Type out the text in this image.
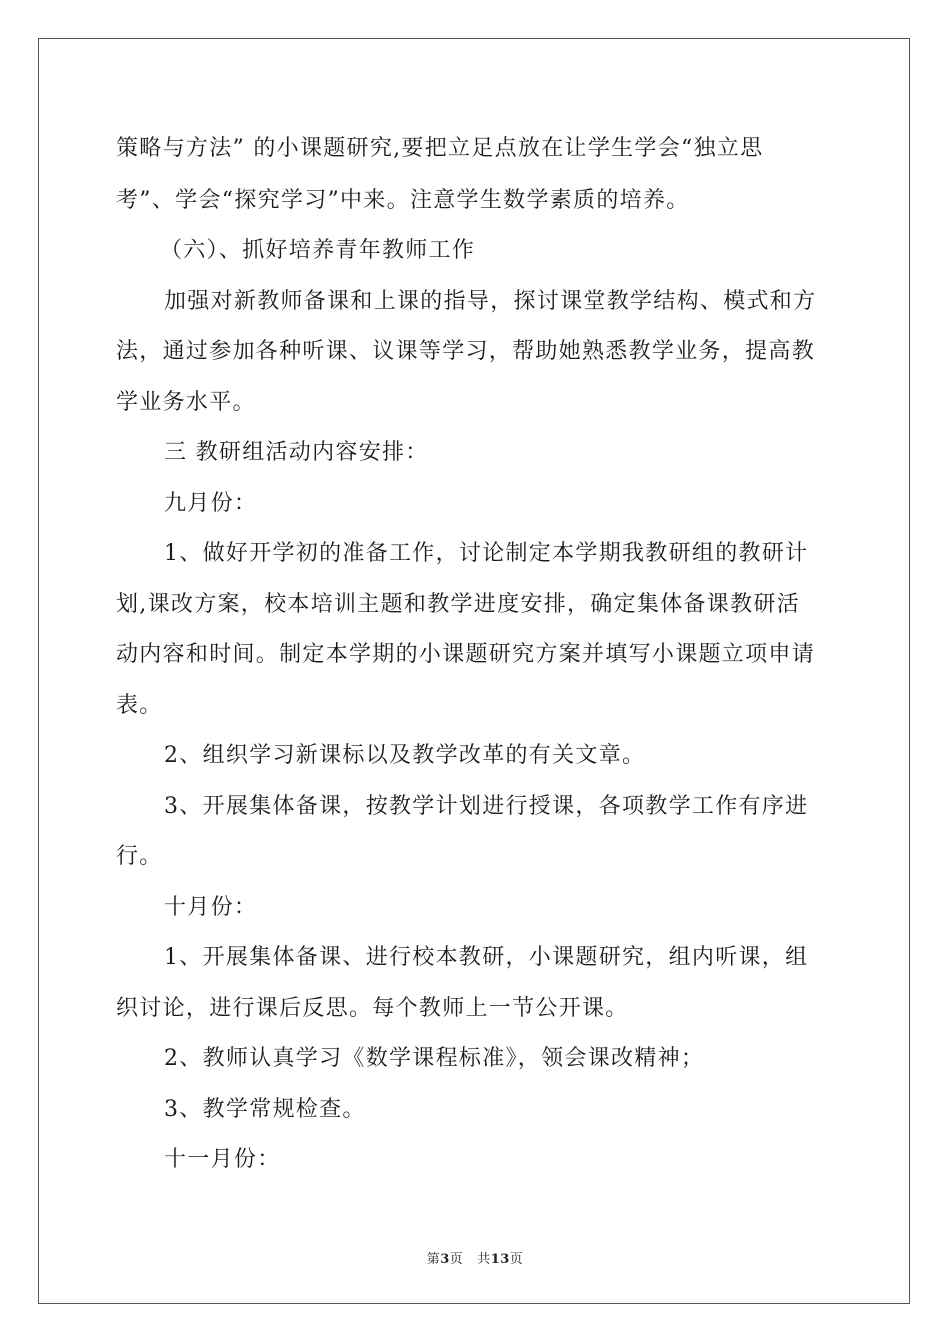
策略与方法” 的小课题研究,要把立足点放在让学生学会“独立思
考”、学会“探究学习”中来。注意学生数学素质的培养。
（六）、抓好培养青年教师工作
加强对新教师备课和上课的指导，探讨课堂教学结构、模式和方
法，通过参加各种听课、议课等学习，帮助她熟悉教学业务，提高教
学业务水平。
三 教研组活动内容安排：
九月份：
1、做好开学初的准备工作，讨论制定本学期我教研组的教研计
划,课改方案，校本培训主题和教学进度安排，确定集体备课教研活
动内容和时间。制定本学期的小课题研究方案并填写小课题立项申请
表。
2、组织学习新课标以及教学改革的有关文章。
3、开展集体备课，按教学计划进行授课，各项教学工作有序进
行。
十月份：
1、开展集体备课、进行校本教研，小课题研究，组内听课，组
织讨论，进行课后反思。每个教师上一节公开课。
2、教师认真学习《数学课程标准》，领会课改精神；
3、教学常规检查。
十一月份：
第3页 共13页
